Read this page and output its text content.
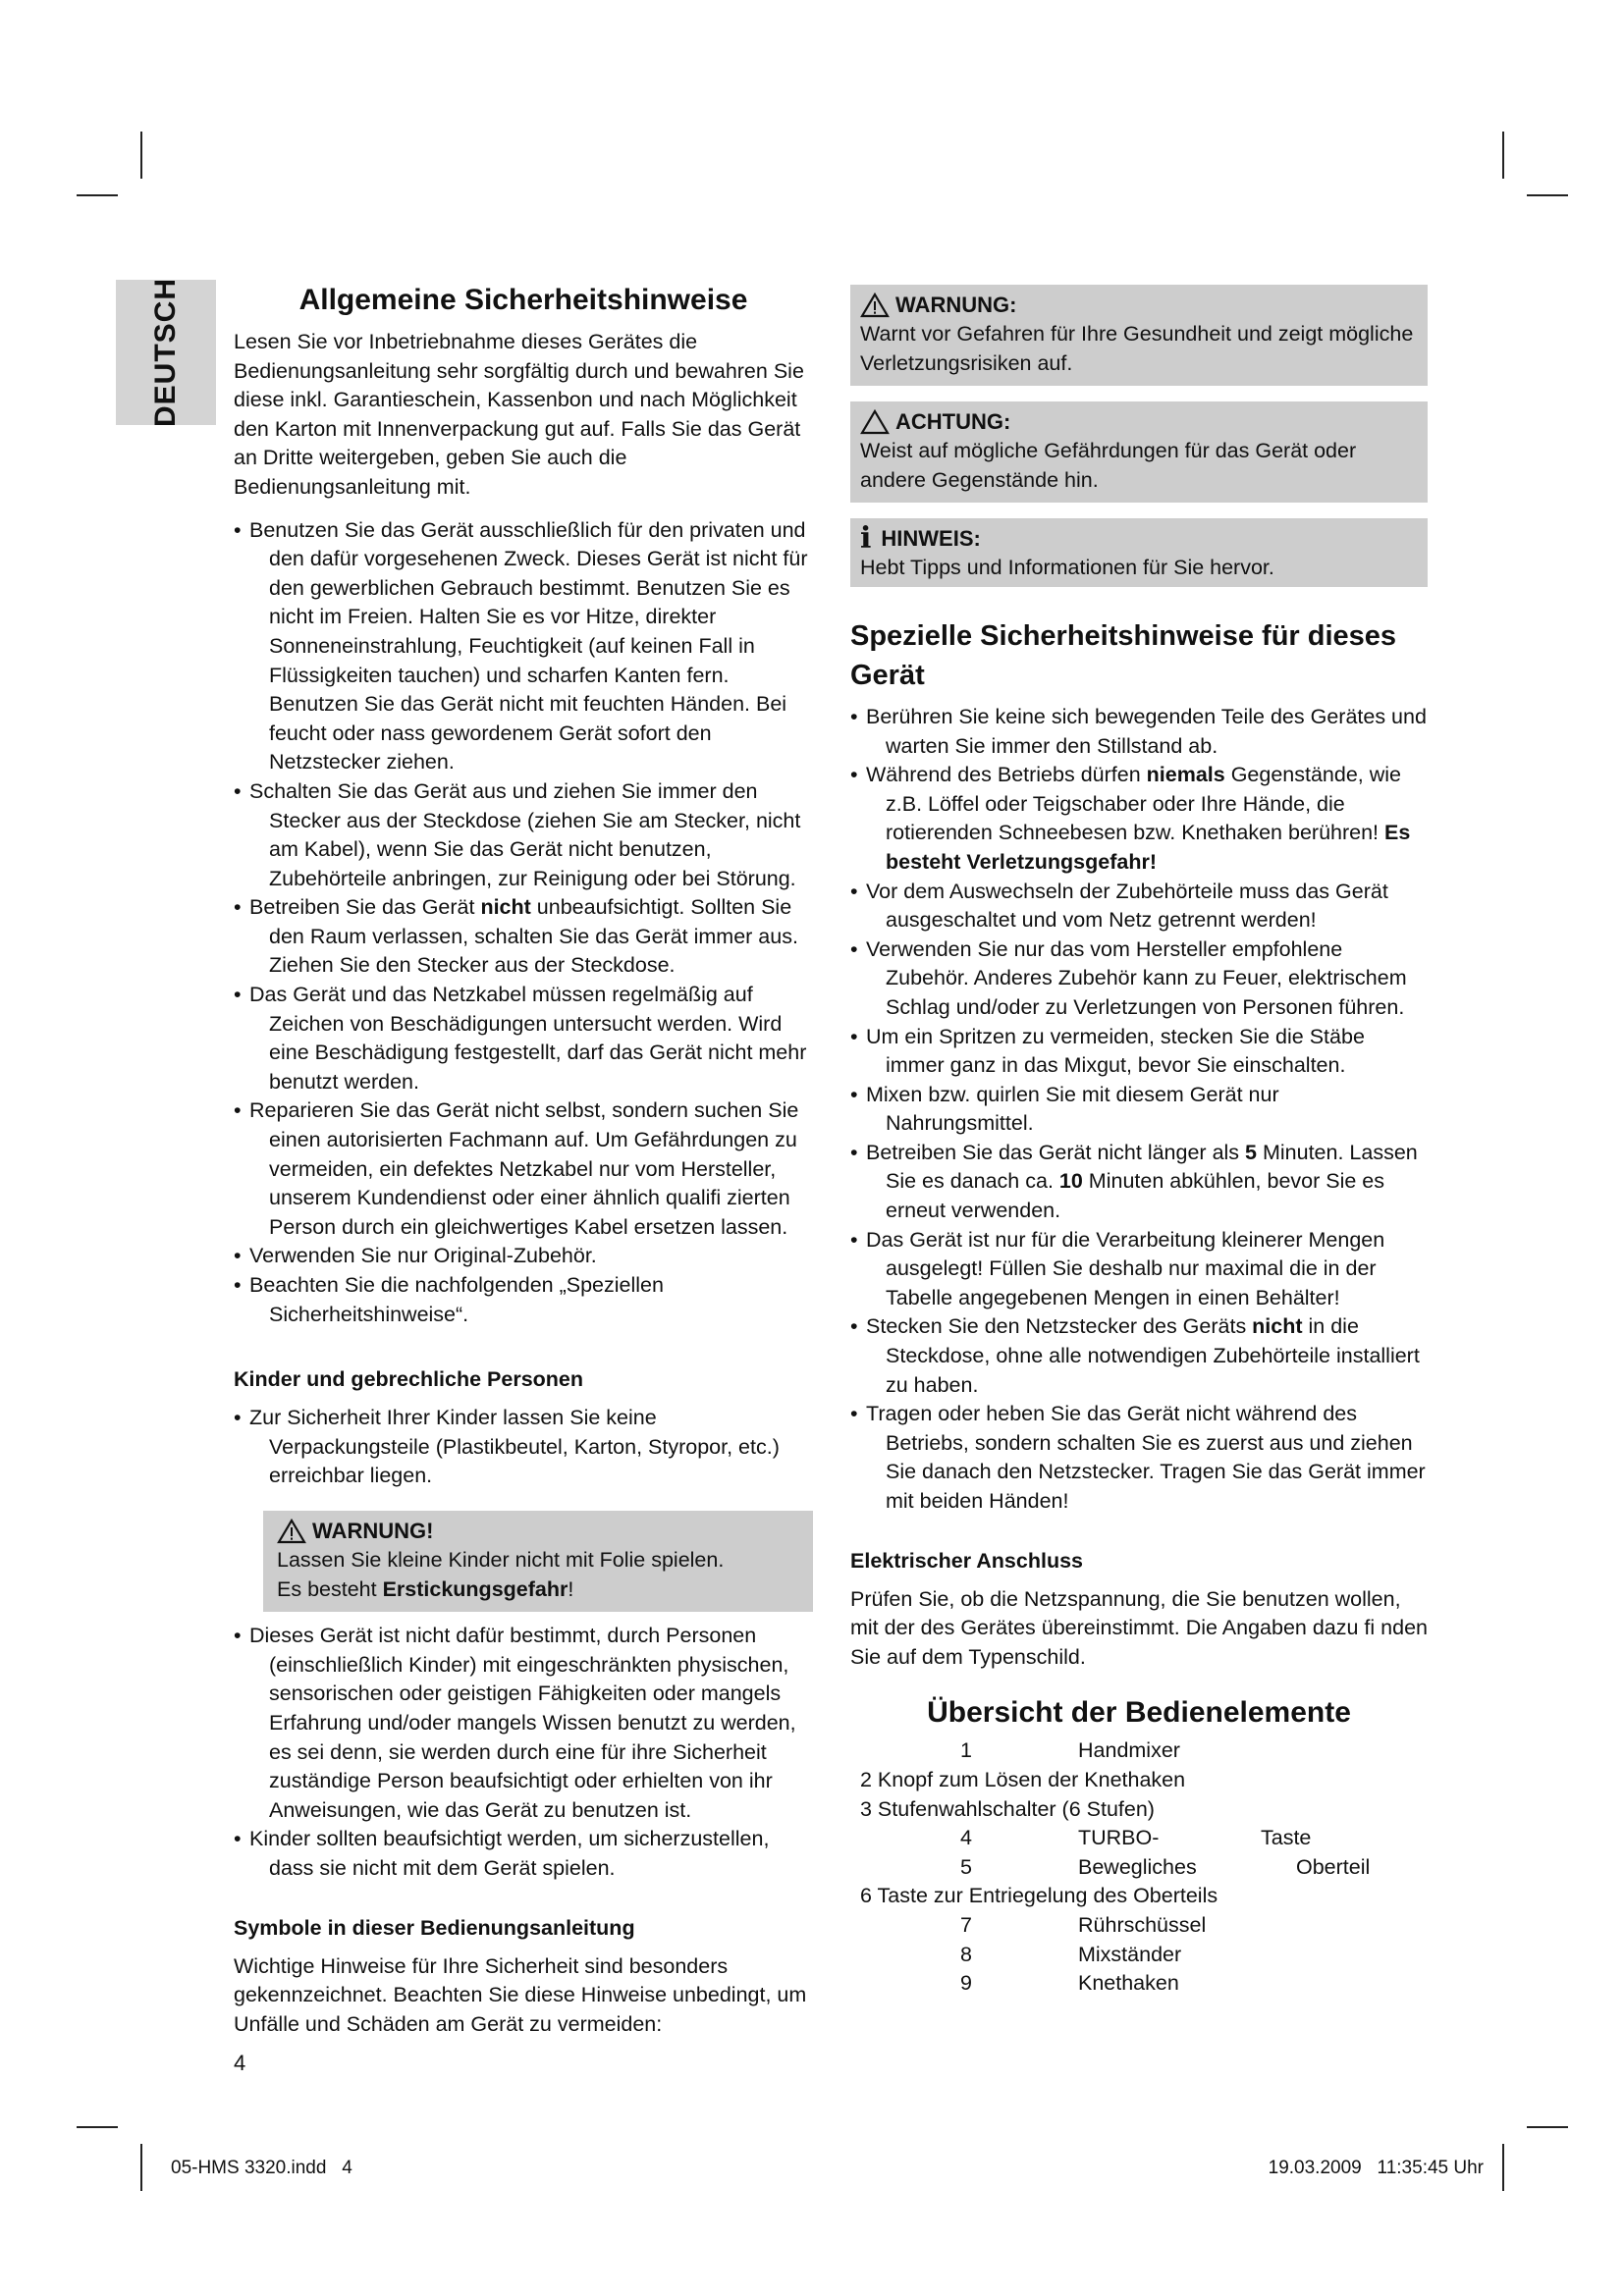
DEUTSCH	Allgemeine Sicherheitshinweise

Lesen Sie vor Inbetriebnahme dieses Gerätes die Bedienungsanleitung sehr sorgfältig durch und bewahren Sie diese inkl. Garantieschein, Kassenbon und nach Möglichkeit den Karton mit Innenverpackung gut auf. Falls Sie das Gerät an Dritte weitergeben, geben Sie auch die Bedienungsanleitung mit.

• Benutzen Sie das Gerät ausschließlich für den privaten und den dafür vorgesehenen Zweck. Dieses Gerät ist nicht für den gewerblichen Gebrauch bestimmt. Benutzen Sie es nicht im Freien. Halten Sie es vor Hitze, direkter Sonneneinstrahlung, Feuchtigkeit (auf keinen Fall in Flüssigkeiten tauchen) und scharfen Kanten fern. Benutzen Sie das Gerät nicht mit feuchten Händen. Bei feucht oder nass gewordenem Gerät sofort den Netzstecker ziehen.
• Schalten Sie das Gerät aus und ziehen Sie immer den Stecker aus der Steckdose (ziehen Sie am Stecker, nicht am Kabel), wenn Sie das Gerät nicht benutzen, Zubehörteile anbringen, zur Reinigung oder bei Störung.
• Betreiben Sie das Gerät nicht unbeaufsichtigt. Sollten Sie den Raum verlassen, schalten Sie das Gerät immer aus. Ziehen Sie den Stecker aus der Steckdose.
• Das Gerät und das Netzkabel müssen regelmäßig auf Zeichen von Beschädigungen untersucht werden. Wird eine Beschädigung festgestellt, darf das Gerät nicht mehr benutzt werden.
• Reparieren Sie das Gerät nicht selbst, sondern suchen Sie einen autorisierten Fachmann auf. Um Gefährdungen zu vermeiden, ein defektes Netzkabel nur vom Hersteller, unserem Kundendienst oder einer ähnlich qualifi zierten Person durch ein gleichwertiges Kabel ersetzen lassen.
• Verwenden Sie nur Original-Zubehör.
• Beachten Sie die nachfolgenden „Speziellen Sicherheitshinweise“.
Kinder und gebrechliche Personen
• Zur Sicherheit Ihrer Kinder lassen Sie keine Verpackungsteile (Plastikbeutel, Karton, Styropor, etc.) erreichbar liegen.
WARNUNG!

Lassen Sie kleine Kinder nicht mit Folie spielen.

Es besteht Erstickungsgefahr!

• Dieses Gerät ist nicht dafür bestimmt, durch Personen (einschließlich Kinder) mit eingeschränkten physischen, sensorischen oder geistigen Fähigkeiten oder mangels Erfahrung und/oder mangels Wissen benutzt zu werden, es sei denn, sie werden durch eine für ihre Sicherheit zuständige Person beaufsichtigt oder erhielten von ihr Anweisungen, wie das Gerät zu benutzen ist.
• Kinder sollten beaufsichtigt werden, um sicherzustellen, dass sie nicht mit dem Gerät spielen.
Symbole in dieser Bedienungsanleitung

Wichtige Hinweise für Ihre Sicherheit sind besonders gekennzeichnet. Beachten Sie diese Hinweise unbedingt, um Unfälle und Schäden am Gerät zu vermeiden:

WARNUNG:

Warnt vor Gefahren für Ihre Gesundheit und zeigt mögliche Verletzungsrisiken auf.

ACHTUNG:

Weist auf mögliche Gefährdungen für das Gerät oder andere Gegenstände hin.

i HINWEIS:

Hebt Tipps und Informationen für Sie hervor.

Spezielle Sicherheitshinweise für dieses Gerät
• Berühren Sie keine sich bewegenden Teile des Gerätes und warten Sie immer den Stillstand ab.
• Während des Betriebs dürfen niemals Gegenstände, wie z.B. Löffel oder Teigschaber oder Ihre Hände, die rotierenden Schneebesen bzw. Knethaken berühren! Es besteht Verletzungsgefahr!
• Vor dem Auswechseln der Zubehörteile muss das Gerät ausgeschaltet und vom Netz getrennt werden!
• Verwenden Sie nur das vom Hersteller empfohlene Zubehör. Anderes Zubehör kann zu Feuer, elektrischem Schlag und/oder zu Verletzungen von Personen führen.
• Um ein Spritzen zu vermeiden, stecken Sie die Stäbe immer ganz in das Mixgut, bevor Sie einschalten.
• Mixen bzw. quirlen Sie mit diesem Gerät nur Nahrungsmittel.
• Betreiben Sie das Gerät nicht länger als 5 Minuten. Lassen Sie es danach ca. 10 Minuten abkühlen, bevor Sie es erneut verwenden.
• Das Gerät ist nur für die Verarbeitung kleinerer Mengen ausgelegt! Füllen Sie deshalb nur maximal die in der Tabelle angegebenen Mengen in einen Behälter!
• Stecken Sie den Netzstecker des Geräts nicht in die Steckdose, ohne alle notwendigen Zubehörteile installiert zu haben.
• Tragen oder heben Sie das Gerät nicht während des Betriebs, sondern schalten Sie es zuerst aus und ziehen Sie danach den Netzstecker. Tragen Sie das Gerät immer mit beiden Händen!
Elektrischer Anschluss

Prüfen Sie, ob die Netzspannung, die Sie benutzen wollen, mit der des Gerätes übereinstimmt. Die Angaben dazu fi nden Sie auf dem Typenschild.

Übersicht der Bedienelemente
1	Handmixer
2 Knopf zum Lösen der Knethaken
3 Stufenwahlschalter (6 Stufen)
4	TURBO-	Taste
5	Bewegliches	Oberteil
6 Taste zur Entriegelung des Oberteils
7	Rührschüssel
8	Mixständer
9	Knethaken
4
05-HMS 3320.indd   4	19.03.2009   11:35:45 Uhr
